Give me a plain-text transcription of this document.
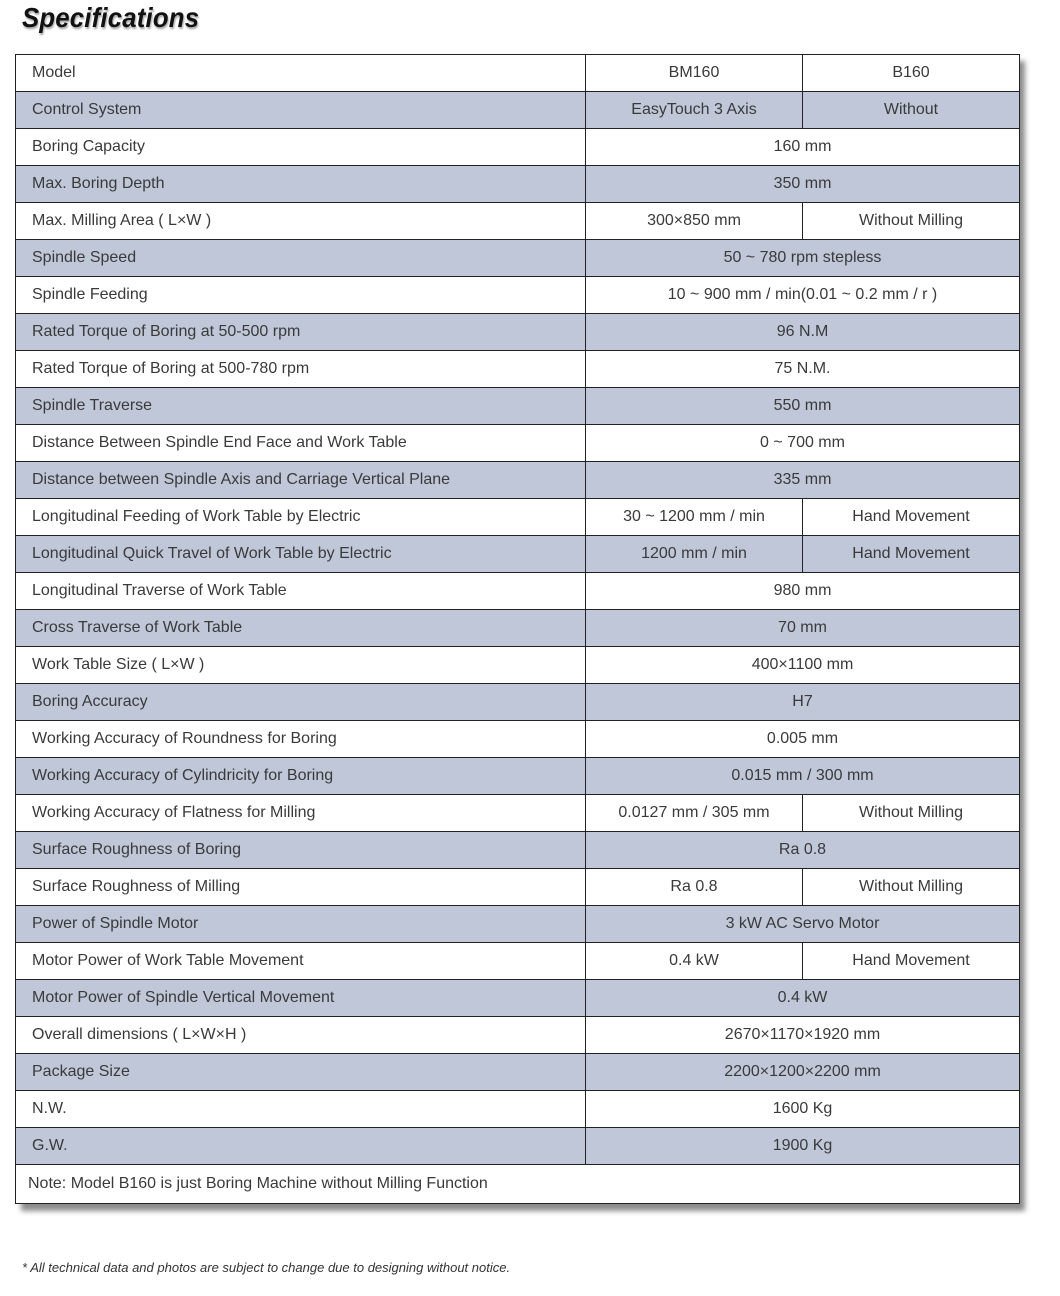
Specifications
Model	BM160	B160
Control System	EasyTouch 3 Axis	Without
Boring Capacity	160 mm	
Max. Boring Depth	350 mm	
Max. Milling Area ( L×W )	300×850 mm	Without Milling
Spindle Speed	50 ~ 780 rpm stepless	
Spindle Feeding	10 ~ 900 mm / min(0.01 ~ 0.2 mm / r )	
Rated Torque of Boring at 50-500 rpm	96 N.M	
Rated Torque of Boring at 500-780 rpm	75 N.M.	
Spindle Traverse	550 mm	
Distance Between Spindle End Face and Work Table	0 ~ 700 mm	
Distance between Spindle Axis and Carriage Vertical Plane	335 mm	
Longitudinal Feeding of Work Table by Electric	30 ~ 1200 mm / min	Hand Movement
Longitudinal Quick Travel of Work Table by Electric	1200 mm / min	Hand Movement
Longitudinal Traverse of Work Table	980 mm	
Cross Traverse of Work Table	70 mm	
Work Table Size ( L×W )	400×1100 mm	
Boring Accuracy	H7	
Working Accuracy of Roundness for Boring	0.005 mm	
Working Accuracy of Cylindricity for Boring	0.015 mm / 300 mm	
Working Accuracy of Flatness for Milling	0.0127 mm / 305 mm	Without Milling
Surface Roughness of Boring	Ra 0.8	
Surface Roughness of Milling	Ra 0.8	Without Milling
Power of Spindle Motor	3 kW AC Servo Motor	
Motor Power of Work Table Movement	0.4 kW	Hand Movement
Motor Power of Spindle Vertical Movement	0.4 kW	
Overall dimensions ( L×W×H )	2670×1170×1920 mm	
Package Size	2200×1200×2200 mm	
N.W.	1600 Kg	
G.W.	1900 Kg	
Note: Model B160 is just Boring Machine without Milling Function		
* All technical data and photos are subject to change due to designing without notice.
